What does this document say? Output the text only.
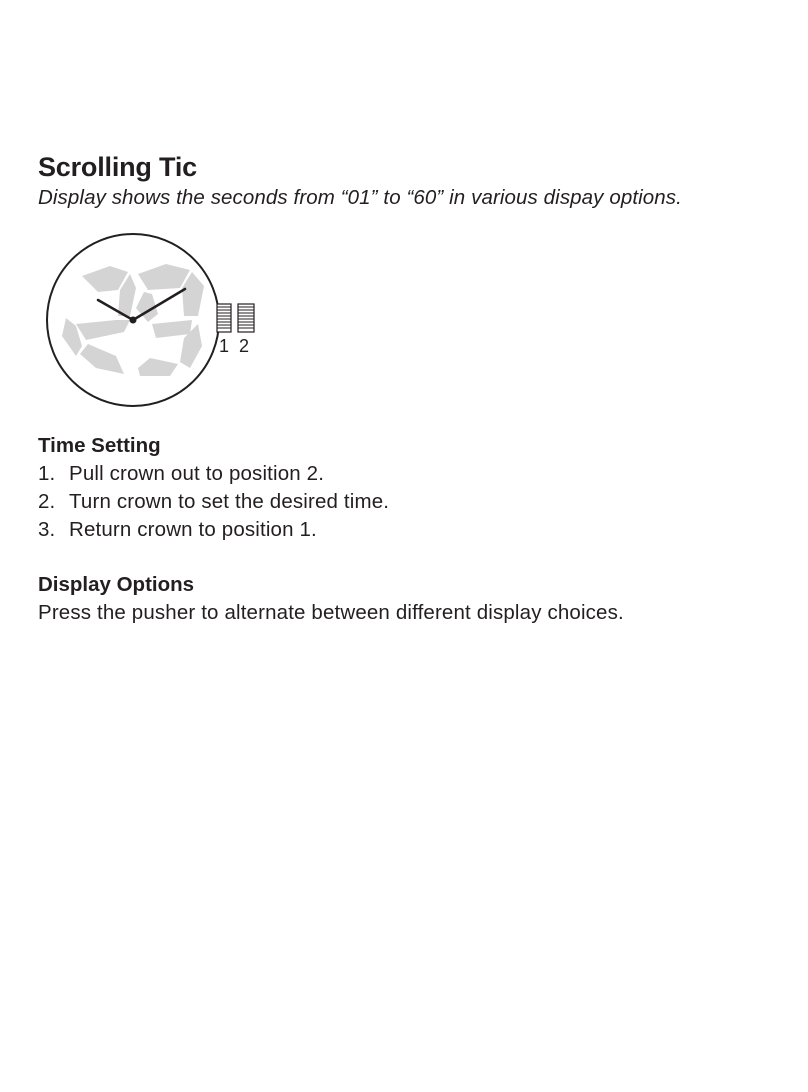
Scrolling Tic
Display shows the seconds from “01” to “60” in various dispay options.
1 2
Time Setting
1. Pull crown out to position 2.
2. Turn crown to set the desired time.
3. Return crown to position 1.
Display Options
Press the pusher to alternate between different display choices.
